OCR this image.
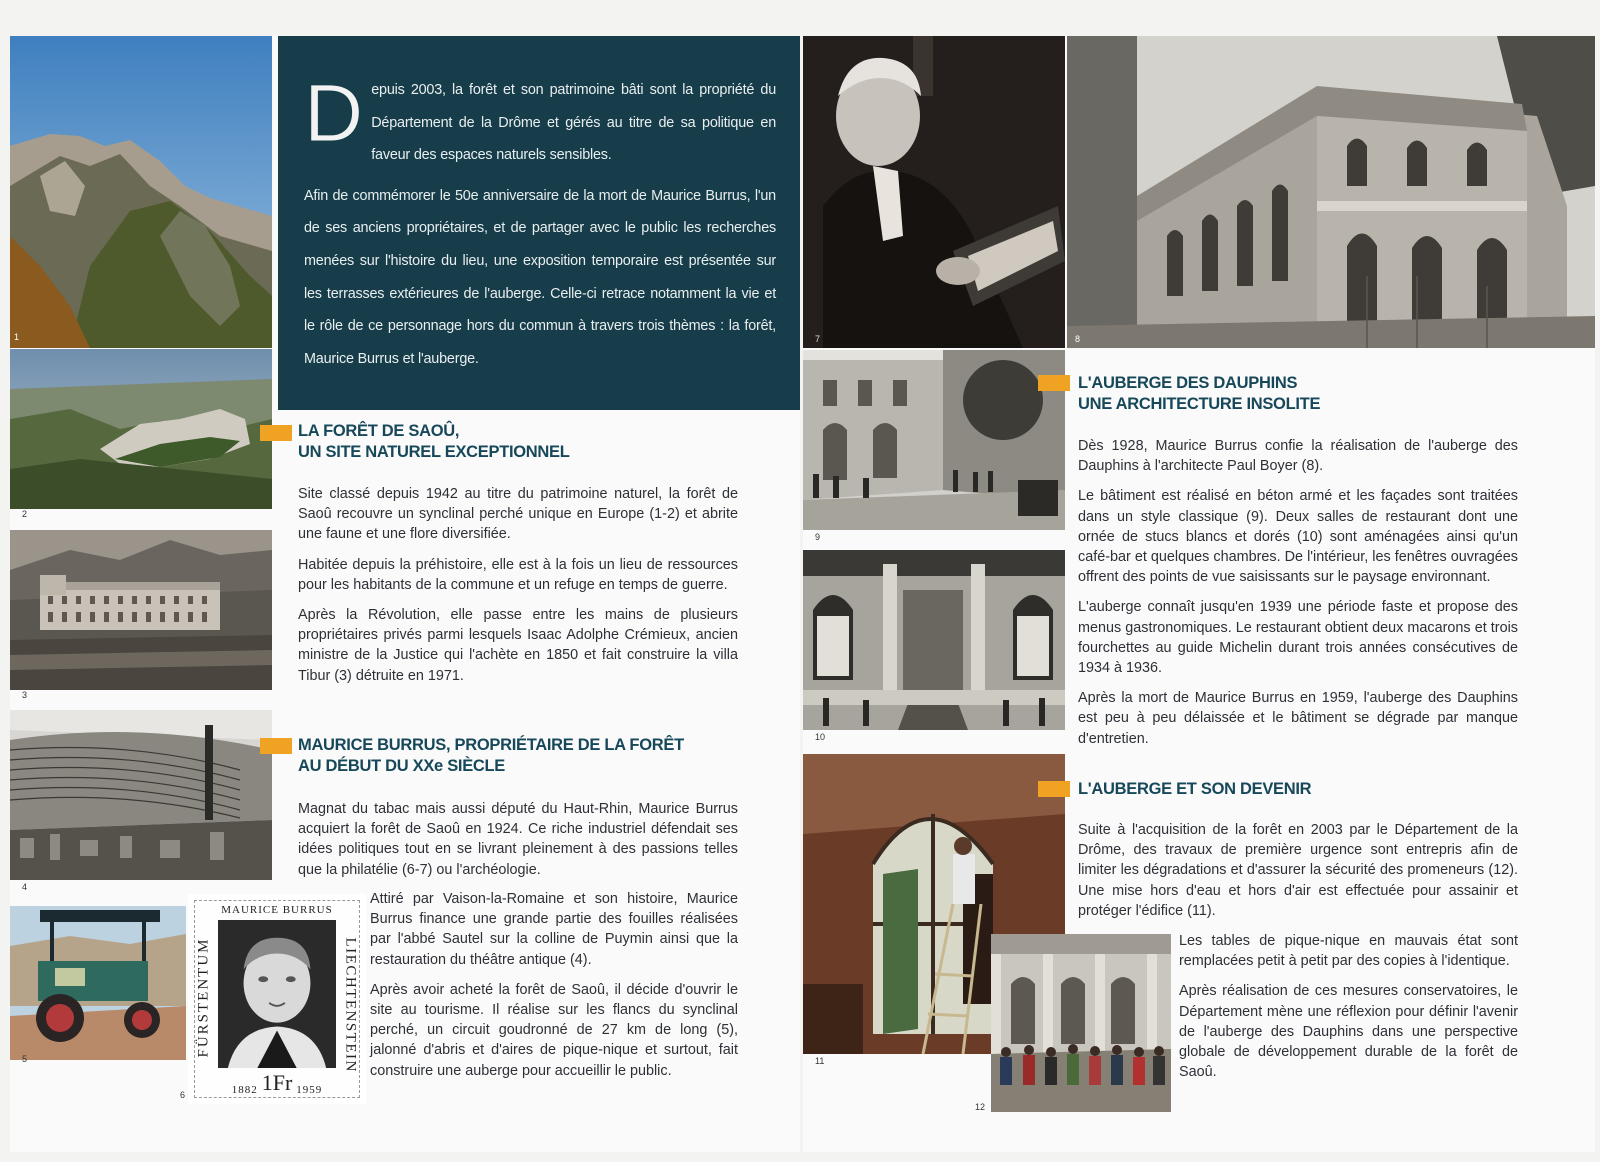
1
2
3
4
5
MAURICE BURRUS
FÜRSTENTUM	LIECHTENSTEIN
1882 1Fr 1959
6
D epuis 2003, la forêt et son patrimoine bâti sont la propriété du Département de la Drôme et gérés au titre de sa politique en faveur des espaces naturels sensibles.

Afin de commémorer le 50e anniversaire de la mort de Maurice Burrus, l'un de ses anciens propriétaires, et de partager avec le public les recherches menées sur l'histoire du lieu, une exposition temporaire est présentée sur les terrasses extérieures de l'auberge. Celle-ci retrace notamment la vie et le rôle de ce personnage hors du commun à travers trois thèmes : la forêt, Maurice Burrus et l'auberge.

LA FORÊT DE SAOÛ,
UN SITE NATUREL EXCEPTIONNEL

Site classé depuis 1942 au titre du patrimoine naturel, la forêt de Saoû recouvre un synclinal perché unique en Europe (1-2) et abrite une faune et une flore diversifiée.

Habitée depuis la préhistoire, elle est à la fois un lieu de ressources pour les habitants de la commune et un refuge en temps de guerre.

Après la Révolution, elle passe entre les mains de plusieurs propriétaires privés parmi lesquels Isaac Adolphe Crémieux, ancien ministre de la Justice qui l'achète en 1850 et fait construire la villa Tibur (3) détruite en 1971.

MAURICE BURRUS, PROPRIÉTAIRE DE LA FORÊT
AU DÉBUT DU XXe SIÈCLE

Magnat du tabac mais aussi député du Haut-Rhin, Maurice Burrus acquiert la forêt de Saoû en 1924. Ce riche industriel défendait ses idées politiques tout en se livrant pleinement à des passions telles que la philatélie (6-7) ou l'archéologie.

Attiré par Vaison-la-Romaine et son histoire, Maurice Burrus finance une grande partie des fouilles réalisées par l'abbé Sautel sur la colline de Puymin ainsi que la restauration du théâtre antique (4).

Après avoir acheté la forêt de Saoû, il décide d'ouvrir le site au tourisme. Il réalise sur les flancs du synclinal perché, un circuit goudronné de 27 km de long (5), jalonné d'abris et d'aires de pique-nique et surtout, fait construire une auberge pour accueillir le public.

7	8
9
10
11
12
L'AUBERGE DES DAUPHINS
UNE ARCHITECTURE INSOLITE

Dès 1928, Maurice Burrus confie la réalisation de l'auberge des Dauphins à l'architecte Paul Boyer (8).

Le bâtiment est réalisé en béton armé et les façades sont traitées dans un style classique (9). Deux salles de restaurant dont une ornée de stucs blancs et dorés (10) sont aménagées ainsi qu'un café-bar et quelques chambres. De l'intérieur, les fenêtres ouvragées offrent des points de vue saisissants sur le paysage environnant.

L'auberge connaît jusqu'en 1939 une période faste et propose des menus gastronomiques. Le restaurant obtient deux macarons et trois fourchettes au guide Michelin durant trois années consécutives de 1934 à 1936.

Après la mort de Maurice Burrus en 1959, l'auberge des Dauphins est peu à peu délaissée et le bâtiment se dégrade par manque d'entretien.

L'AUBERGE ET SON DEVENIR

Suite à l'acquisition de la forêt en 2003 par le Département de la Drôme, des travaux de première urgence sont entrepris afin de limiter les dégradations et d'assurer la sécurité des promeneurs (12). Une mise hors d'eau et hors d'air est effectuée pour assainir et protéger l'édifice (11).

Les tables de pique-nique en mauvais état sont remplacées petit à petit par des copies à l'identique.

Après réalisation de ces mesures conservatoires, le Département mène une réflexion pour définir l'avenir de l'auberge des Dauphins dans une perspective globale de développement durable de la forêt de Saoû.
